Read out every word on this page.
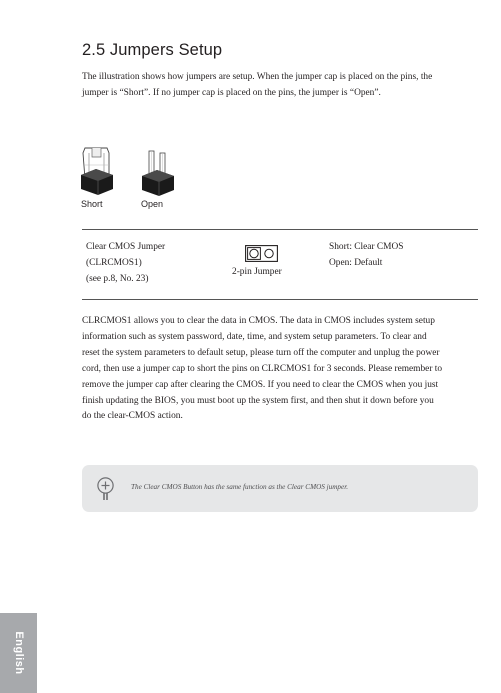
2.5 Jumpers Setup

The illustration shows how jumpers are setup. When the jumper cap is placed on the pins, the jumper is “Short”. If no jumper cap is placed on the pins, the jumper is “Open”.

Short	Open

Clear CMOS Jumper

(CLRCMOS1)

(see p.8, No. 23)

2-pin Jumper

Short: Clear CMOS

Open: Default

CLRCMOS1 allows you to clear the data in CMOS. The data in CMOS includes system setup information such as system password, date, time, and system setup parameters. To clear and reset the system parameters to default setup, please turn off the computer and unplug the power cord, then use a jumper cap to short the pins on CLRCMOS1 for 3 seconds. Please remember to remove the jumper cap after clearing the CMOS. If you need to clear the CMOS when you just finish updating the BIOS, you must boot up the system first, and then shut it down before you do the clear-CMOS action.

The Clear CMOS Button has the same function as the Clear CMOS jumper.
English
